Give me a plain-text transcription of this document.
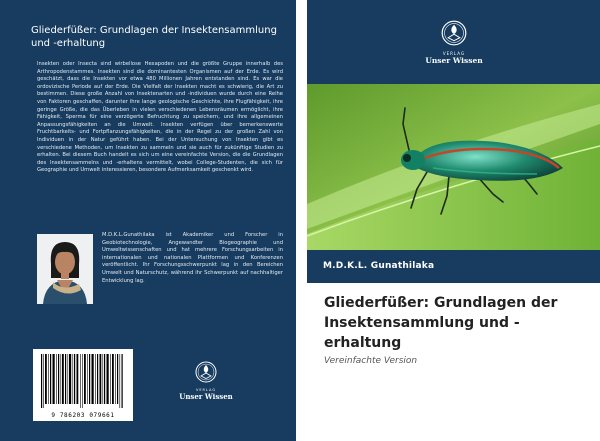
Gliederfüßer: Grundlagen der Insektensammlung und -erhaltung

Insekten oder Insecta sind wirbellose Hexapoden und die größte Gruppe innerhalb des Arthropodenstammes. Insekten sind die dominantesten Organismen auf der Erde. Es wird geschätzt, dass die Insekten vor etwa 480 Millionen Jahren entstanden sind. Es war die ordovizische Periode auf der Erde. Die Vielfalt der Insekten macht es schwierig, die Art zu bestimmen. Diese große Anzahl von Insektenarten und -individuen wurde durch eine Reihe von Faktoren geschaffen, darunter ihre lange geologische Geschichte, ihre Flugfähigkeit, ihre geringe Größe, die das Überleben in vielen verschiedenen Lebensräumen ermöglicht, ihre Fähigkeit, Sperma für eine verzögerte Befruchtung zu speichern, und ihre allgemeinen Anpassungsfähigkeiten an die Umwelt. Insekten verfügen über bemerkenswerte Fruchtbarkeits- und Fortpflanzungsfähigkeiten, die in der Regel zu der großen Zahl von Individuen in der Natur geführt haben. Bei der Untersuchung von Insekten gibt es verschiedene Methoden, um Insekten zu sammeln und sie auch für zukünftige Studien zu erhalten. Bei diesem Buch handelt es sich um eine vereinfachte Version, die die Grundlagen des Insektensammelns und -erhaltens vermittelt, wobei College-Studenten, die sich für Geographie und Umwelt interessieren, besondere Aufmerksamkeit geschenkt wird.

M.D.K.L.Gunathilaka ist Akademiker und Forscher in Geobiotechnologie, Angewandter Biogeographie und Umweltwissenschaften und hat mehrere Forschungsarbeiten in internationalen und nationalen Plattformen und Konferenzen veröffentlicht. Ihr Forschungsschwerpunkt lag in den Bereichen Umwelt und Naturschutz, während ihr Schwerpunkt auf nachhaltiger Entwicklung lag.

9 786203 079661
VERLAG
Unser Wissen
VERLAG
Unser Wissen
M.D.K.L. Gunathilaka
Gliederfüßer: Grundlagen der Insektensammlung und -erhaltung
Vereinfachte Version
